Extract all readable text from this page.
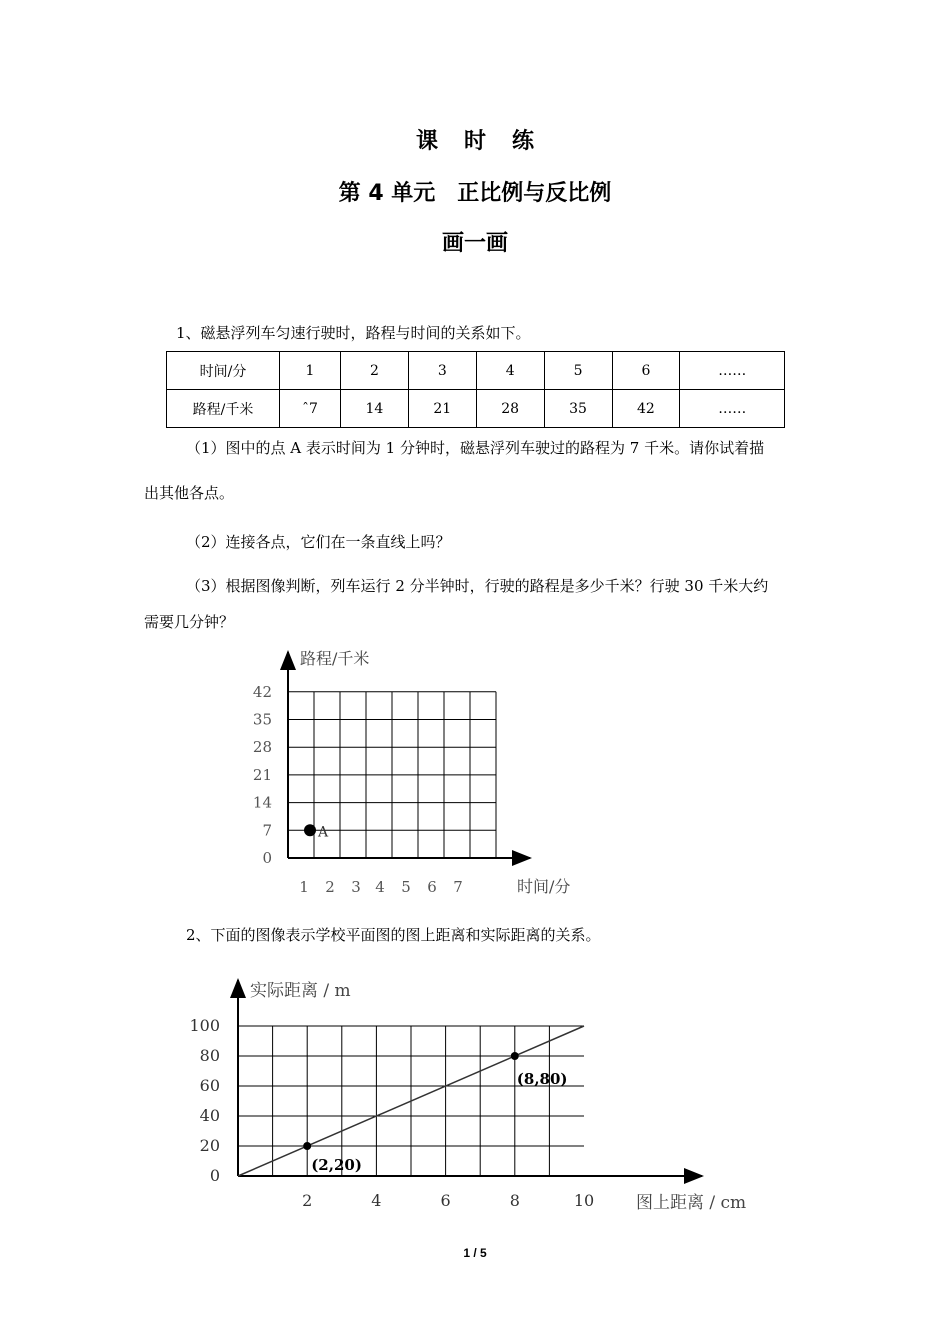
课时练
第 4 单元　正比例与反比例
画一画
1、磁悬浮列车匀速行驶时，路程与时间的关系如下。
时间/分	1	2	3	4	5	6	……
路程/千米	ˆ7	14	21	28	35	42	……
（1）图中的点 A 表示时间为 1 分钟时，磁悬浮列车驶过的路程为 7 千米。请你试着描
出其他各点。
（2）连接各点，它们在一条直线上吗？
（3）根据图像判断，列车运行 2 分半钟时，行驶的路程是多少千米？行驶 30 千米大约
需要几分钟？
路程/千米
时间/分
0
7
14
21
28
35
42
1 2 3 4 5 6 7
A
2、下面的图像表示学校平面图的图上距离和实际距离的关系。
实际距离 / m
图上距离 / cm
0
20
40
60
80
100
2	4	6	8	10
(2,20)
(8,80)
1 / 5
